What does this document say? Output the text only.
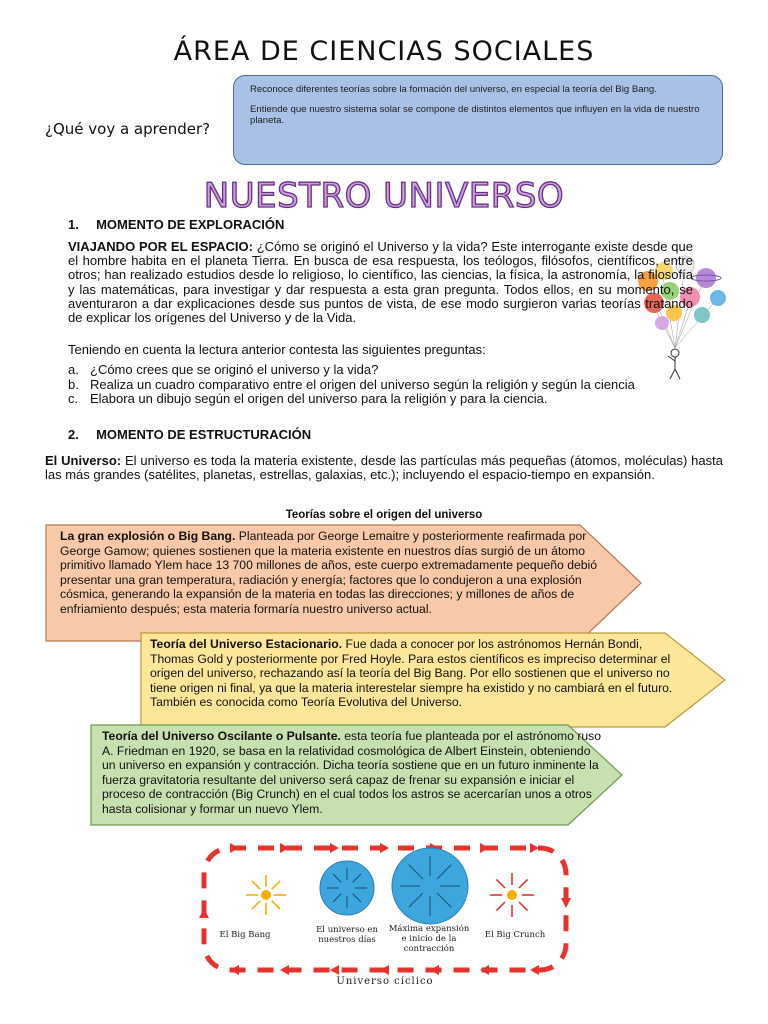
ÁREA DE CIENCIAS SOCIALES
¿Qué voy a aprender?

Reconoce diferentes teorías sobre la formación del universo, en especial la teoría del Big Bang.

Entiende que nuestro sistema solar se compone de distintos elementos que influyen en la vida de nuestro planeta.

NUESTRO UNIVERSO
1. MOMENTO DE EXPLORACIÓN
VIAJANDO POR EL ESPACIO: ¿Cómo se originó el Universo y la vida? Este interrogante existe desde que el hombre habita en el planeta Tierra. En busca de esa respuesta, los teólogos, filósofos, científicos, entre otros; han realizado estudios desde lo religioso, lo científico, las ciencias, la física, la astronomía, la filosofía y las matemáticas, para investigar y dar respuesta a esta gran pregunta. Todos ellos, en su momento, se aventuraron a dar explicaciones desde sus puntos de vista, de ese modo surgieron varias teorías tratando de explicar los orígenes del Universo y de la Vida.
Teniendo en cuenta la lectura anterior contesta las siguientes preguntas:
a. ¿Cómo crees que se originó el universo y la vida?
b. Realiza un cuadro comparativo entre el origen del universo según la religión y según la ciencia
c. Elabora un dibujo según el origen del universo para la religión y para la ciencia.
2. MOMENTO DE ESTRUCTURACIÓN
El Universo: El universo es toda la materia existente, desde las partículas más pequeñas (átomos, moléculas) hasta las más grandes (satélites, planetas, estrellas, galaxias, etc.); incluyendo el espacio-tiempo en expansión.
Teorías sobre el origen del universo
La gran explosión o Big Bang. Planteada por George Lemaitre y posteriormente reafirmada por George Gamow; quienes sostienen que la materia existente en nuestros días surgió de un átomo primitivo llamado Ylem hace 13 700 millones de años, este cuerpo extremadamente pequeño debió presentar una gran temperatura, radiación y energía; factores que lo condujeron a una explosión cósmica, generando la expansión de la materia en todas las direcciones; y millones de años de enfriamiento después; esta materia formaría nuestro universo actual.
Teoría del Universo Estacionario. Fue dada a conocer por los astrónomos Hernán Bondi, Thomas Gold y posteriormente por Fred Hoyle. Para estos científicos es impreciso determinar el origen del universo, rechazando así la teoría del Big Bang. Por ello sostienen que el universo no tiene origen ni final, ya que la materia interestelar siempre ha existido y no cambiará en el futuro. También es conocida como Teoría Evolutiva del Universo.
Teoría del Universo Oscilante o Pulsante. esta teoría fue planteada por el astrónomo ruso A. Friedman en 1920, se basa en la relatividad cosmológica de Albert Einstein, obteniendo un universo en expansión y contracción. Dicha teoría sostiene que en un futuro inminente la fuerza gravitatoria resultante del universo será capaz de frenar su expansión e iniciar el proceso de contracción (Big Crunch) en el cual todos los astros se acercarían unos a otros hasta colisionar y formar un nuevo Ylem.
El Big Bang	El universo en nuestros días
Máxima expansión e inicio de la contracción
El Big Crunch
Universo cíclico
